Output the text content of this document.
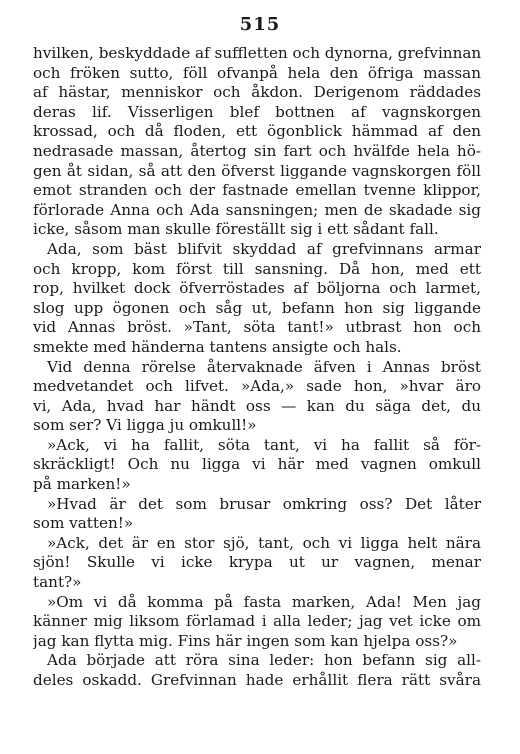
515
hvilken, beskyddade af suffletten och dynorna, grefvinnan
och fröken sutto, föll ofvanpå hela den öfriga massan
af hästar, menniskor och åkdon. Derigenom räddades
deras lif. Visserligen blef bottnen af vagnskorgen
krossad, och då floden, ett ögonblick hämmad af den
nedrasade massan, återtog sin fart och hvälfde hela hö-
gen åt sidan, så att den öfverst liggande vagnskorgen föll
emot stranden och der fastnade emellan tvenne klippor,
förlorade Anna och Ada sansningen; men de skadade sig
icke, såsom man skulle föreställt sig i ett sådant fall.
Ada, som bäst blifvit skyddad af grefvinnans armar
och kropp, kom först till sansning. Då hon, med ett
rop, hvilket dock öfverröstades af böljorna och larmet,
slog upp ögonen och såg ut, befann hon sig liggande
vid Annas bröst. »Tant, söta tant!» utbrast hon och
smekte med händerna tantens ansigte och hals.
Vid denna rörelse återvaknade äfven i Annas bröst
medvetandet och lifvet. »Ada,» sade hon, »hvar äro
vi, Ada, hvad har händt oss — kan du säga det, du
som ser? Vi ligga ju omkull!»
»Ack, vi ha fallit, söta tant, vi ha fallit så för-
skräckligt! Och nu ligga vi här med vagnen omkull
på marken!»
»Hvad är det som brusar omkring oss? Det låter
som vatten!»
»Ack, det är en stor sjö, tant, och vi ligga helt nära
sjön! Skulle vi icke krypa ut ur vagnen, menar
tant?»
»Om vi då komma på fasta marken, Ada! Men jag
känner mig liksom förlamad i alla leder; jag vet icke om
jag kan flytta mig. Fins här ingen som kan hjelpa oss?»
Ada började att röra sina leder: hon befann sig all-
deles oskadd. Grefvinnan hade erhållit flera rätt svåra
